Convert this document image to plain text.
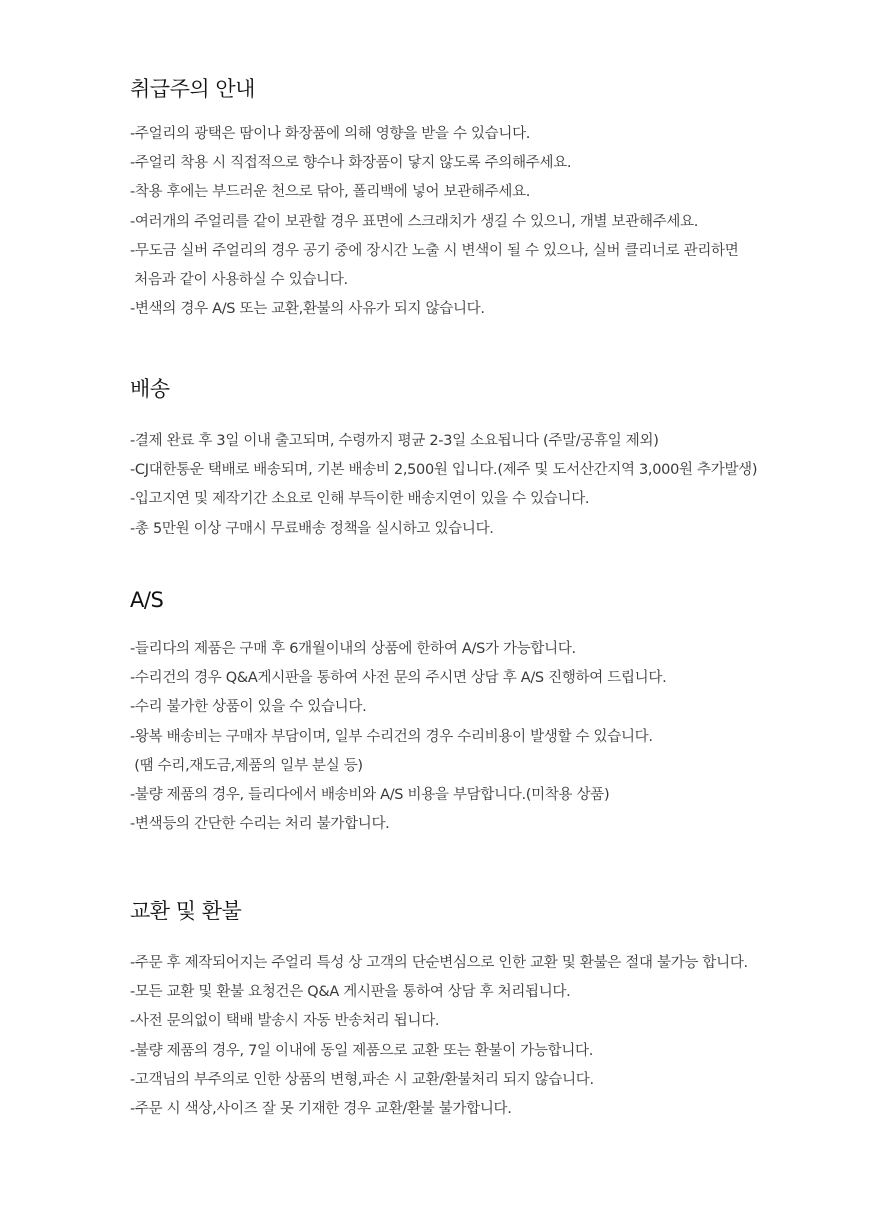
취급주의 안내
-주얼리의 광택은 땀이나 화장품에 의해 영향을 받을 수 있습니다.
-주얼리 착용 시 직접적으로 향수나 화장품이 닿지 않도록 주의해주세요.
-착용 후에는 부드러운 천으로 닦아, 폴리백에 넣어 보관해주세요.
-여러개의 주얼리를 같이 보관할 경우 표면에 스크래치가 생길 수 있으니, 개별 보관해주세요.
-무도금 실버 주얼리의 경우 공기 중에 장시간 노출 시 변색이 될 수 있으나, 실버 클리너로 관리하면
처음과 같이 사용하실 수 있습니다.
-변색의 경우 A/S 또는 교환,환불의 사유가 되지 않습니다.
배송
-결제 완료 후 3일 이내 출고되며, 수령까지 평균 2-3일 소요됩니다 (주말/공휴일 제외)
-CJ대한통운 택배로 배송되며, 기본 배송비 2,500원 입니다.(제주 및 도서산간지역 3,000원 추가발생)
-입고지연 및 제작기간 소요로 인해 부득이한 배송지연이 있을 수 있습니다.
-총 5만원 이상 구매시 무료배송 정책을 실시하고 있습니다.
A/S
-들리다의 제품은 구매 후 6개월이내의 상품에 한하여 A/S가 가능합니다.
-수리건의 경우 Q&A게시판을 통하여 사전 문의 주시면 상담 후 A/S 진행하여 드립니다.
-수리 불가한 상품이 있을 수 있습니다.
-왕복 배송비는 구매자 부담이며, 일부 수리건의 경우 수리비용이 발생할 수 있습니다.
(땜 수리,재도금,제품의 일부 분실 등)
-불량 제품의 경우, 들리다에서 배송비와 A/S 비용을 부담합니다.(미착용 상품)
-변색등의 간단한 수리는 처리 불가합니다.
교환 및 환불
-주문 후 제작되어지는 주얼리 특성 상 고객의 단순변심으로 인한 교환 및 환불은 절대 불가능 합니다.
-모든 교환 및 환불 요청건은 Q&A 게시판을 통하여 상담 후 처리됩니다.
-사전 문의없이 택배 발송시 자동 반송처리 됩니다.
-불량 제품의 경우, 7일 이내에 동일 제품으로 교환 또는 환불이 가능합니다.
-고객님의 부주의로 인한 상품의 변형,파손 시 교환/환불처리 되지 않습니다.
-주문 시 색상,사이즈 잘 못 기재한 경우 교환/환불 불가합니다.
